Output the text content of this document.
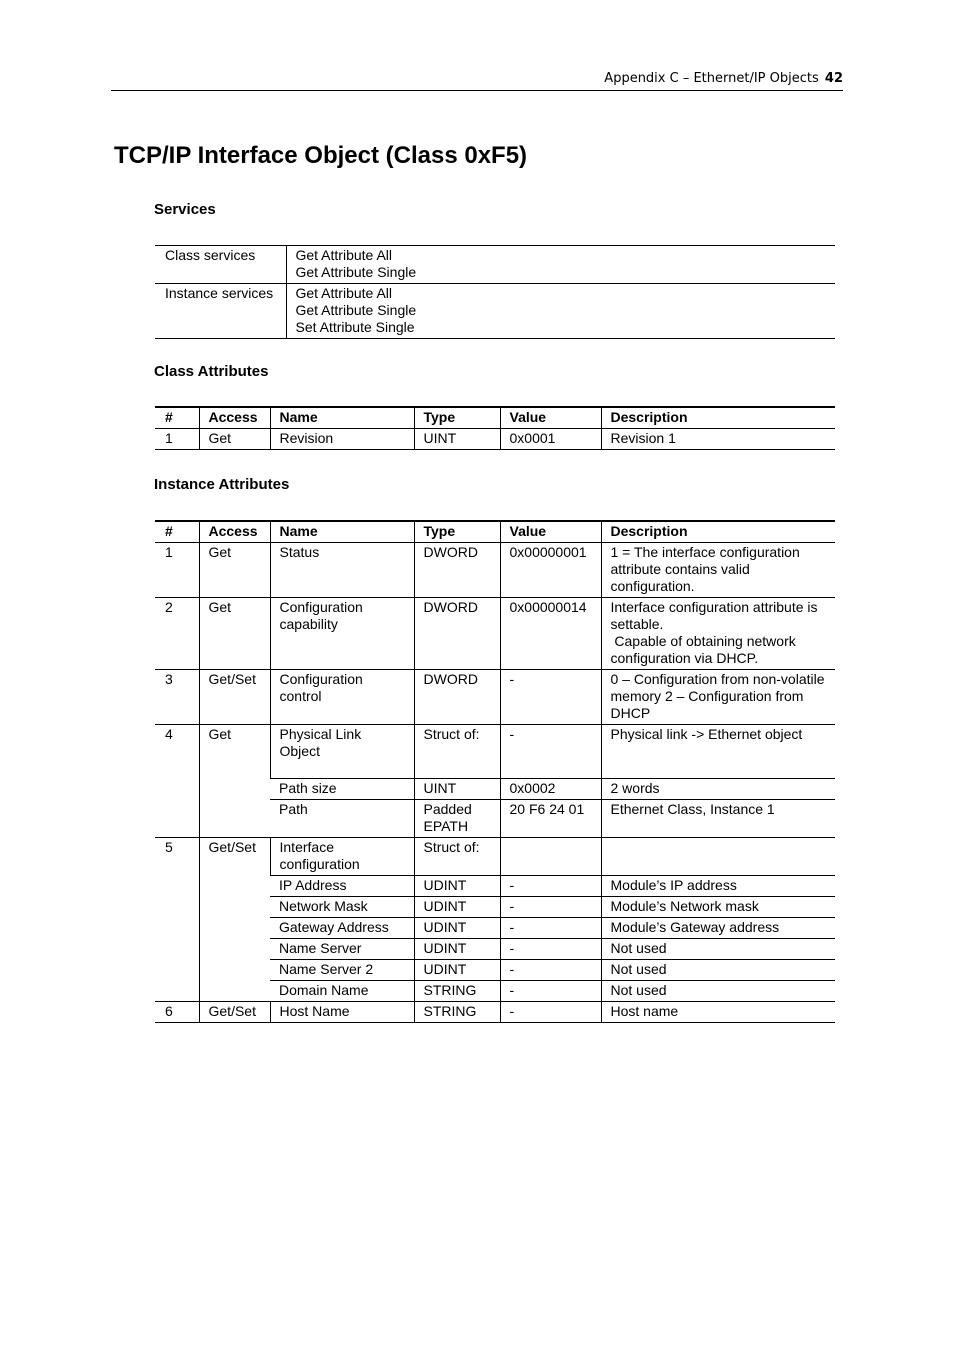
Appendix C – Ethernet/IP Objects 42
TCP/IP Interface Object (Class 0xF5)
Services
Class services	Get Attribute All
Get Attribute Single

Instance services	Get Attribute All
Get Attribute Single
Set Attribute Single
Class Attributes
#	Access	Name	Type	Value	Description
1	Get	Revision	UINT	0x0001	Revision 1
Instance Attributes
#	Access	Name	Type	Value	Description
1	Get	Status	DWORD	0x00000001	1 = The interface configuration attribute contains valid configuration.
2	Get	Configuration capability	DWORD	0x00000014	Interface configuration attribute is settable.
Capable of obtaining network configuration via DHCP.

3	Get/Set	Configuration control	DWORD	-	0 – Configuration from non-volatile memory 2 – Configuration from DHCP
4	Get	Physical Link Object	Struct of:	-	Physical link -> Ethernet object
		Path size	UINT	0x0002	2 words
		Path	Padded EPATH	20 F6 24 01	Ethernet Class, Instance 1
5	Get/Set	Interface configuration	Struct of:		
		IP Address	UDINT	-	Module’s IP address
		Network Mask	UDINT	-	Module’s Network mask
		Gateway Address	UDINT	-	Module’s Gateway address
		Name Server	UDINT	-	Not used
		Name Server 2	UDINT	-	Not used
		Domain Name	STRING	-	Not used
6	Get/Set	Host Name	STRING	-	Host name
